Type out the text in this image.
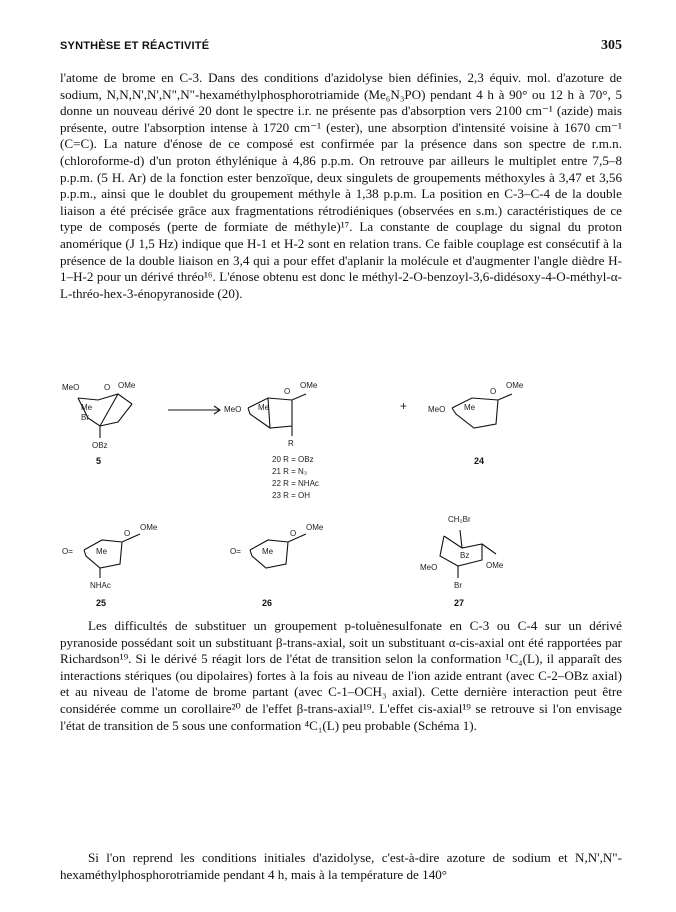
SYNTHÈSE ET RÉACTIVITÉ	305

l'atome de brome en C-3. Dans des conditions d'azidolyse bien définies, 2,3 équiv. mol. d'azoture de sodium, N,N,N',N',N",N"-hexaméthylphosphorotriamide (Me₆N₃PO) pendant 4 h à 90° ou 12 h à 70°, 5 donne un nouveau dérivé 20 dont le spectre i.r. ne présente pas d'absorption vers 2100 cm⁻¹ (azide) mais présente, outre l'absorption intense à 1720 cm⁻¹ (ester), une absorption d'intensité voisine à 1670 cm⁻¹ (C=C). La nature d'énose de ce composé est confirmée par la présence dans son spectre de r.m.n. (chloroforme-d) d'un proton éthylénique à 4,86 p.p.m. On retrouve par ailleurs le multiplet entre 7,5–8 p.p.m. (5 H. Ar) de la fonction ester benzoïque, deux singulets de groupements méthoxyles à 3,47 et 3,56 p.p.m., ainsi que le doublet du groupement méthyle à 1,38 p.p.m. La position en C-3–C-4 de la double liaison a été précisée grâce aux fragmentations rétrodiéniques (observées en s.m.) caractéristiques de ce type de composés (perte de formiate de méthyle)¹⁷. La constante de couplage du signal du proton anomérique (J 1,5 Hz) indique que H-1 et H-2 sont en relation trans. Ce faible couplage est consécutif à la présence de la double liaison en 3,4 qui a pour effet d'aplanir la molécule et d'augmenter l'angle dièdre H-1–H-2 pour un dérivé thréo¹⁶. L'énose obtenu est donc le méthyl-2-O-benzoyl-3,6-didésoxy-4-O-méthyl-α-L-thréo-hex-3-énopyranoside (20).

MeO	O OMe
Me
Br
OBz
5
MeO
O
OMe
Me
R
20 R = OBz
21 R = N₃
22 R = NHAc
23 R = OH
+	MeO
O
OMe
Me
24
O=
O
OMe
Me
NHAc
25
O=
O
OMe
Me
26
CH₂Br
Bz
MeO	OMe
Br
27

Les difficultés de substituer un groupement p-toluènesulfonate en C-3 ou C-4 sur un dérivé pyranoside possédant soit un substituant β-trans-axial, soit un substituant α-cis-axial ont été rapportées par Richardson¹⁹. Si le dérivé 5 réagit lors de l'état de transition selon la conformation ¹C₄(L), il apparaît des interactions stériques (ou dipolaires) fortes à la fois au niveau de l'ion azide entrant (avec C-2–OBz axial) et au niveau de l'atome de brome partant (avec C-1–OCH₃ axial). Cette dernière interaction peut être considérée comme un corollaire²⁰ de l'effet β-trans-axial¹⁹. L'effet cis-axial¹⁹ se retrouve si l'on envisage l'état de transition de 5 sous une conformation ⁴C₁(L) peu probable (Schéma 1).

Si l'on reprend les conditions initiales d'azidolyse, c'est-à-dire azoture de sodium et N,N',N"-hexaméthylphosphorotriamide pendant 4 h, mais à la température de 140°
